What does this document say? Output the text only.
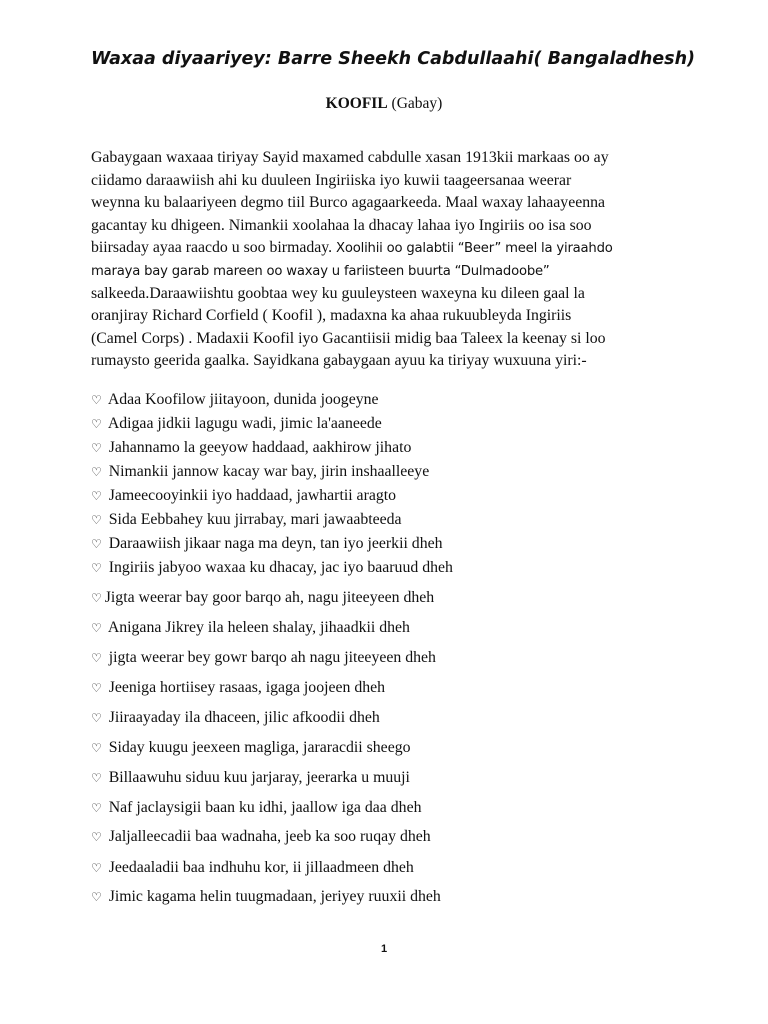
Waxaa diyaariyey: Barre Sheekh Cabdullaahi( Bangaladhesh)
KOOFIL (Gabay)
Gabaygaan waxaaa tiriyay Sayid maxamed cabdulle xasan 1913kii markaas oo ay
ciidamo daraawiish ahi ku duuleen Ingiriiska iyo kuwii taageersanaa weerar
weynna ku balaariyeen degmo tiil Burco agagaarkeeda. Maal waxay lahaayeenna
gacantay ku dhigeen. Nimankii xoolahaa la dhacay lahaa iyo Ingiriis oo isa soo
biirsaday ayaa raacdo u soo birmaday. Xoolihii oo galabtii “Beer” meel la yiraahdo
maraya bay garab mareen oo waxay u fariisteen buurta “Dulmadoobe”
salkeeda.Daraawiishtu goobtaa wey ku guuleysteen waxeyna ku dileen gaal la
oranjiray Richard Corfield ( Koofil ), madaxna ka ahaa rukuubleyda Ingiriis
(Camel Corps) . Madaxii Koofil iyo Gacantiisii midig baa Taleex la keenay si loo
rumaysto geerida gaalka. Sayidkana gabaygaan ayuu ka tiriyay wuxuuna yiri:-
♡ Adaa Koofilow jiitayoon, dunida joogeyne
♡ Adigaa jidkii lagugu wadi, jimic la'aaneede
♡ Jahannamo la geeyow haddaad, aakhirow jihato
♡ Nimankii jannow kacay war bay, jirin inshaalleeye
♡ Jameecooyinkii iyo haddaad, jawhartii aragto
♡ Sida Eebbahey kuu jirrabay, mari jawaabteeda
♡ Daraawiish jikaar naga ma deyn, tan iyo jeerkii dheh
♡ Ingiriis jabyoo waxaa ku dhacay, jac iyo baaruud dheh
♡ Jigta weerar bay goor barqo ah, nagu jiteeyeen dheh
♡ Anigana Jikrey ila heleen shalay, jihaadkii dheh
♡ jigta weerar bey gowr barqo ah nagu jiteeyeen dheh
♡ Jeeniga hortiisey rasaas, igaga joojeen dheh
♡ Jiiraayaday ila dhaceen, jilic afkoodii dheh
♡ Siday kuugu jeexeen magliga, jararacdii sheego
♡ Billaawuhu siduu kuu jarjaray, jeerarka u muuji
♡ Naf jaclaysigii baan ku idhi, jaallow iga daa dheh
♡ Jaljalleecadii baa wadnaha, jeeb ka soo ruqay dheh
♡ Jeedaaladii baa indhuhu kor, ii jillaadmeen dheh
♡ Jimic kagama helin tuugmadaan, jeriyey ruuxii dheh
1
